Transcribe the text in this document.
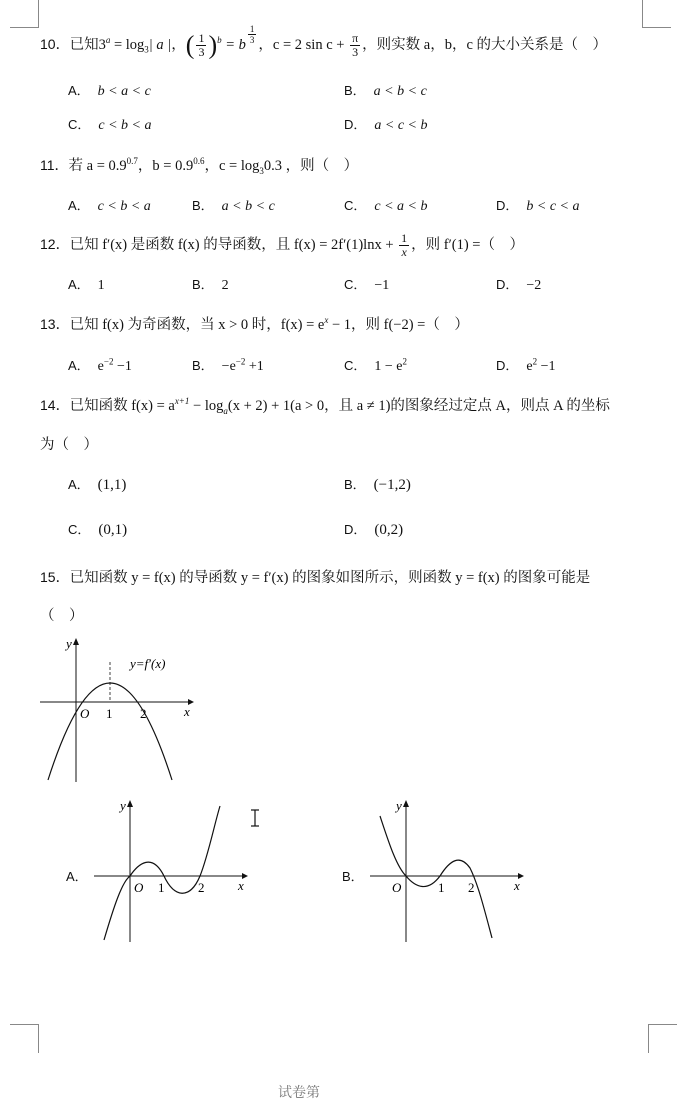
10．已知$3^a = \log_3|$ a |，( $\frac{1}{3} )^b = b \frac{1}{3}$ ，c = 2 $\sin c + \frac{\pi}{3}$ ，则实数 a，b，c 的大小关系是（　）
A． b < a < c	B． a < b < c
C． c < b < a	D． a < c < b
11．若 $a = 0.9^{0.7}$，$b = 0.9^{0.6}$，$c = \log_30.3$ ，则（　）
A． c < b < a	B． a < b < c	C． c < a < b	D． b < c < a
12．已知 f′(x) 是函数 f(x) 的导函数，且 $f(x) = 2f'(1)\ln x + \frac{1}{x}$ ，则 f′(1) =（　）
A． 1	B． 2	C． −1	D． −2
13．已知 f(x) 为奇函数，当 x > 0 时，$f(x) = e^x - 1$，则 f(−2) =（　）
A． $e^{-2} -1$	B． $-e^{-2} +1$	C． $1 - e^2$	D． $e^2 -1$
14．已知函数 $f(x) = a^{x+1} - \log_a(x + 2) + 1(a > 0$，且 a ≠ 1)的图象经过定点 A，则点 A 的坐标
为（　）
A． (1,1)	B． (−1,2)
C． (0,1)	D． (0,2)
15．已知函数 y = f(x) 的导函数 y = f′(x) 的图象如图所示，则函数 y = f(x) 的图象可能是
（　）
y
x
O 1 2
y=f′(x)
A．
y
x
O 1	2
B．
y
x
O	1 2
试卷第
